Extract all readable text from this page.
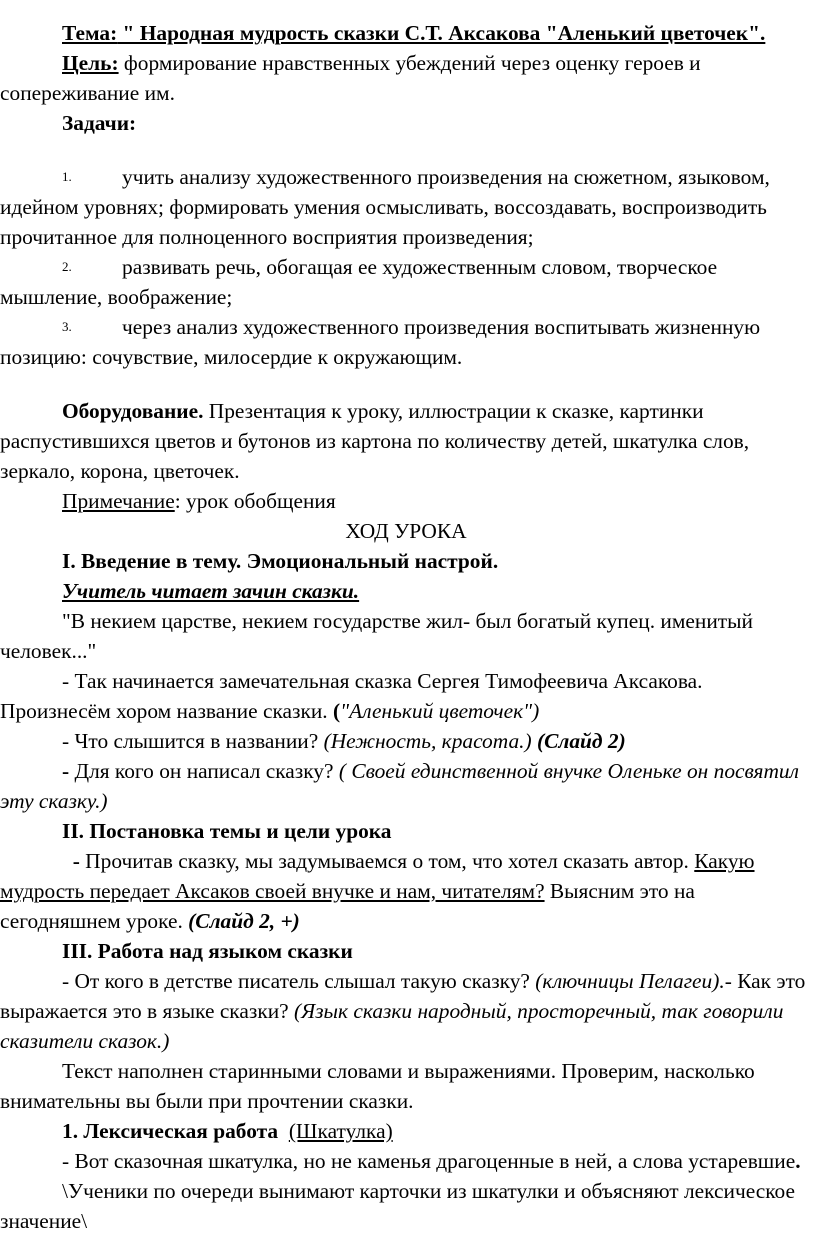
Тема: " Народная мудрость сказки С.Т. Аксакова "Аленький цветочек".

Цель: формирование нравственных убеждений через оценку героев и сопереживание им.

Задачи:

1. учить анализу художественного произведения на сюжетном, языковом, идейном уровнях; формировать умения осмысливать, воссоздавать, воспроизводить прочитанное для полноценного восприятия произведения;

2. развивать речь, обогащая ее художественным словом, творческое мышление, воображение;

3. через анализ художественного произведения воспитывать жизненную позицию: сочувствие, милосердие к окружающим.

Оборудование. Презентация к уроку, иллюстрации к сказке, картинки распустившихся цветов и бутонов из картона по количеству детей, шкатулка слов, зеркало, корона, цветочек.

Примечание: урок обобщения

ХОД УРОКА

I. Введение в тему. Эмоциональный настрой.

Учитель читает зачин сказки.

"В некием царстве, некием государстве жил- был богатый купец. именитый человек..."

- Так начинается замечательная сказка Сергея Тимофеевича Аксакова. Произнесём хором название сказки. ("Аленький цветочек")

- Что слышится в названии? (Нежность, красота.) (Слайд 2)

- Для кого он написал сказку? ( Своей единственной внучке Оленьке он посвятил эту сказку.)

II. Постановка темы и цели урока

- Прочитав сказку, мы задумываемся о том, что хотел сказать автор. Какую мудрость передает Аксаков своей внучке и нам, читателям? Выясним это на сегодняшнем уроке. (Слайд 2, +)

III. Работа над языком сказки

- От кого в детстве писатель слышал такую сказку? (ключницы Пелагеи).- Как это выражается это в языке сказки? (Язык сказки народный, просторечный, так говорили сказители сказок.)

Текст наполнен старинными словами и выражениями. Проверим, насколько внимательны вы были при прочтении сказки.

1. Лексическая работа (Шкатулка)

- Вот сказочная шкатулка, но не каменья драгоценные в ней, а слова устаревшие.

\Ученики по очереди вынимают карточки из шкатулки и объясняют лексическое значение\
